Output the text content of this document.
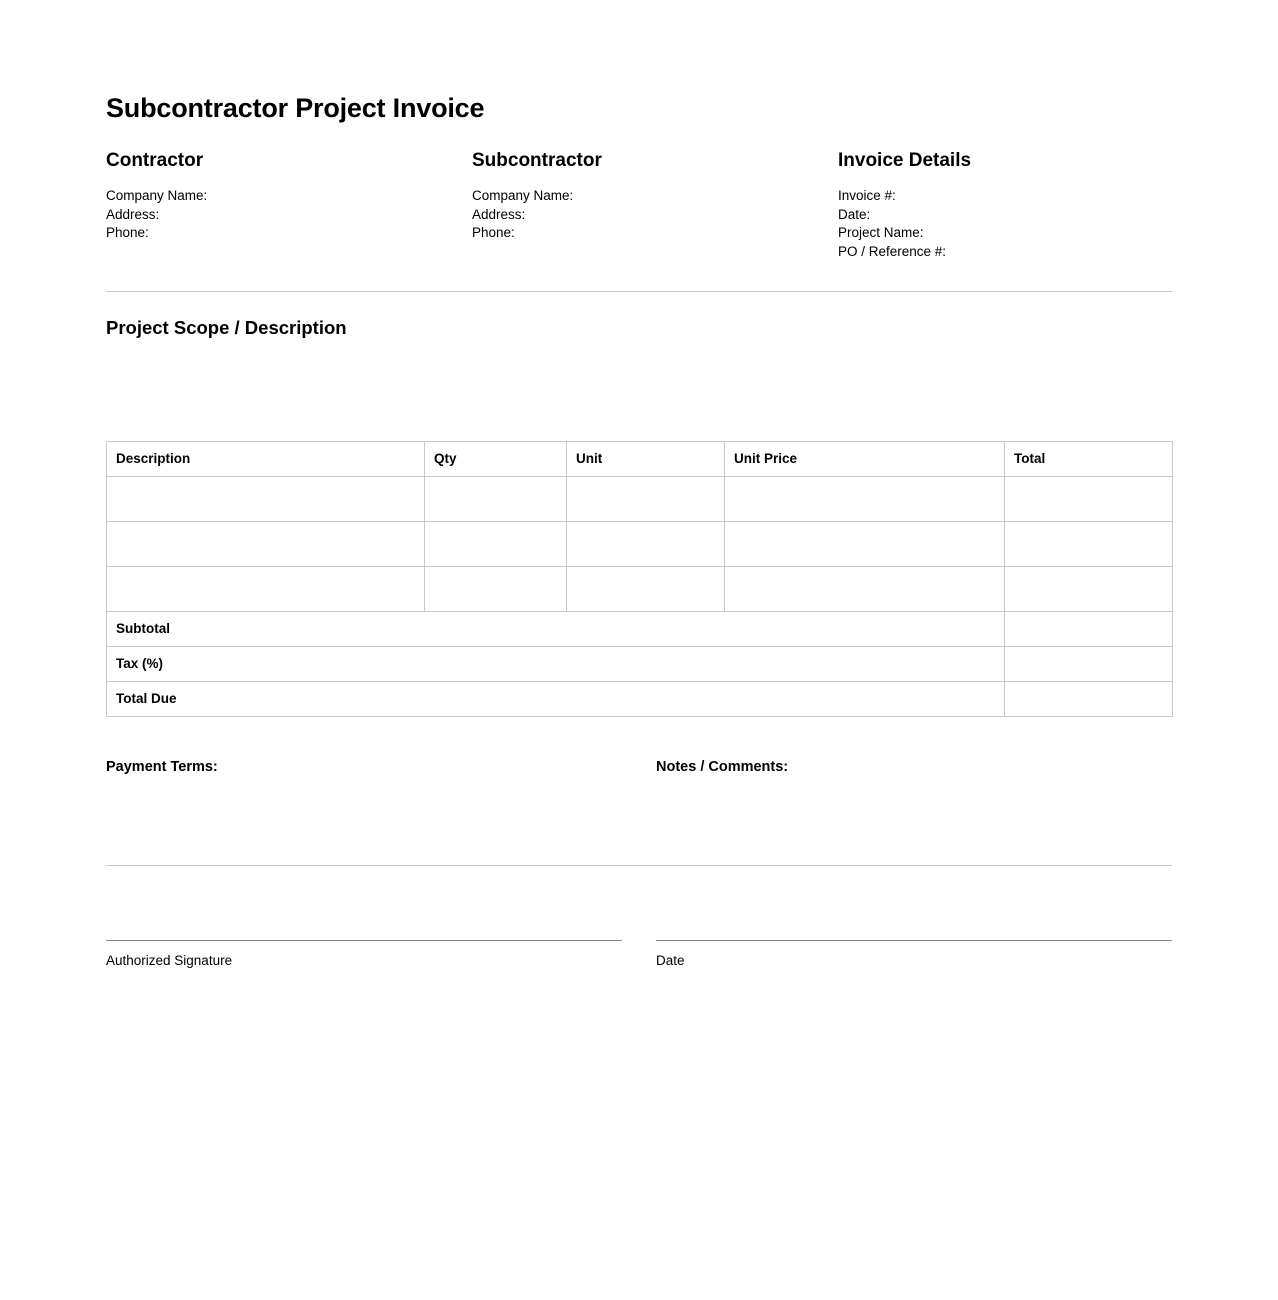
Subcontractor Project Invoice
Contractor
Company Name:
Address:
Phone:
Subcontractor
Company Name:
Address:
Phone:
Invoice Details
Invoice #:
Date:
Project Name:
PO / Reference #:
Project Scope / Description
Description	Qty	Unit	Unit Price	Total

Subtotal				
Tax (%)				
Total Due				
Payment Terms:	Notes / Comments:
Authorized Signature	Date
